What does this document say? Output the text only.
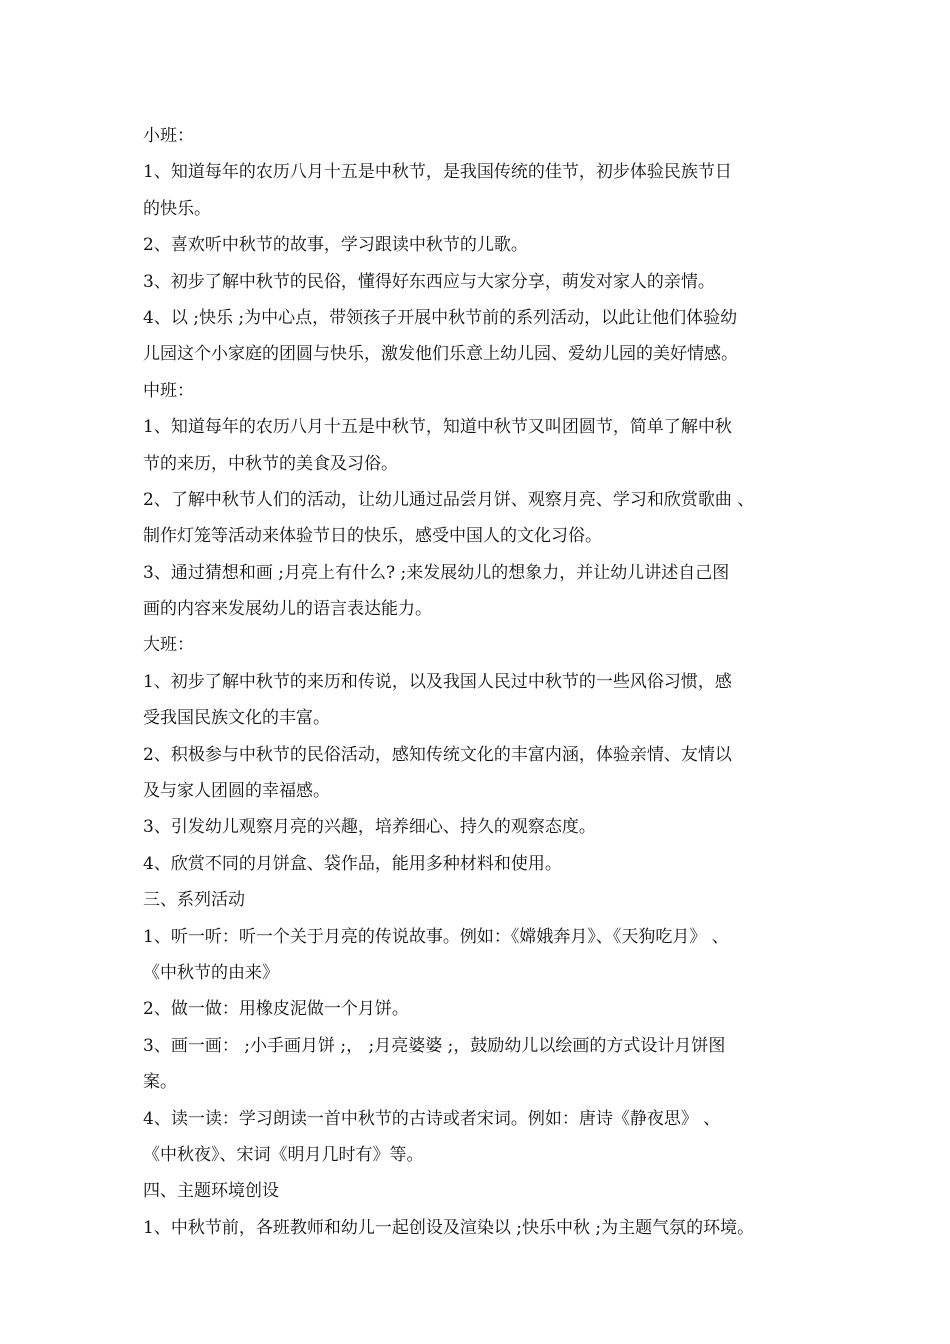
小班：
1、知道每年的农历八月十五是中秋节，是我国传统的佳节，初步体验民族节日
的快乐。
2、喜欢听中秋节的故事，学习跟读中秋节的儿歌。
3、初步了解中秋节的民俗，懂得好东西应与大家分享，萌发对家人的亲情。
4、以 ;快乐 ;为中心点，带领孩子开展中秋节前的系列活动，以此让他们体验幼
儿园这个小家庭的团圆与快乐，激发他们乐意上幼儿园、爱幼儿园的美好情感。
中班：
1、知道每年的农历八月十五是中秋节，知道中秋节又叫团圆节，简单了解中秋
节的来历，中秋节的美食及习俗。
2、了解中秋节人们的活动，让幼儿通过品尝月饼、观察月亮、学习和欣赏歌曲 、
制作灯笼等活动来体验节日的快乐，感受中国人的文化习俗。
3、通过猜想和画 ;月亮上有什么? ;来发展幼儿的想象力，并让幼儿讲述自己图
画的内容来发展幼儿的语言表达能力。
大班：
1、初步了解中秋节的来历和传说，以及我国人民过中秋节的一些风俗习惯，感
受我国民族文化的丰富。
2、积极参与中秋节的民俗活动，感知传统文化的丰富内涵，体验亲情、友情以
及与家人团圆的幸福感。
3、引发幼儿观察月亮的兴趣，培养细心、持久的观察态度。
4、欣赏不同的月饼盒、袋作品，能用多种材料和使用。
三、系列活动
1、听一听：听一个关于月亮的传说故事。例如：《嫦娥奔月》、《天狗吃月》 、
《中秋节的由来》
2、做一做：用橡皮泥做一个月饼。
3、画一画： ;小手画月饼 ;， ;月亮婆婆 ;，鼓励幼儿以绘画的方式设计月饼图
案。
4、读一读：学习朗读一首中秋节的古诗或者宋词。例如：唐诗《静夜思》 、
《中秋夜》、宋词《明月几时有》等。
四、主题环境创设
1、中秋节前，各班教师和幼儿一起创设及渲染以 ;快乐中秋 ;为主题气氛的环境。
